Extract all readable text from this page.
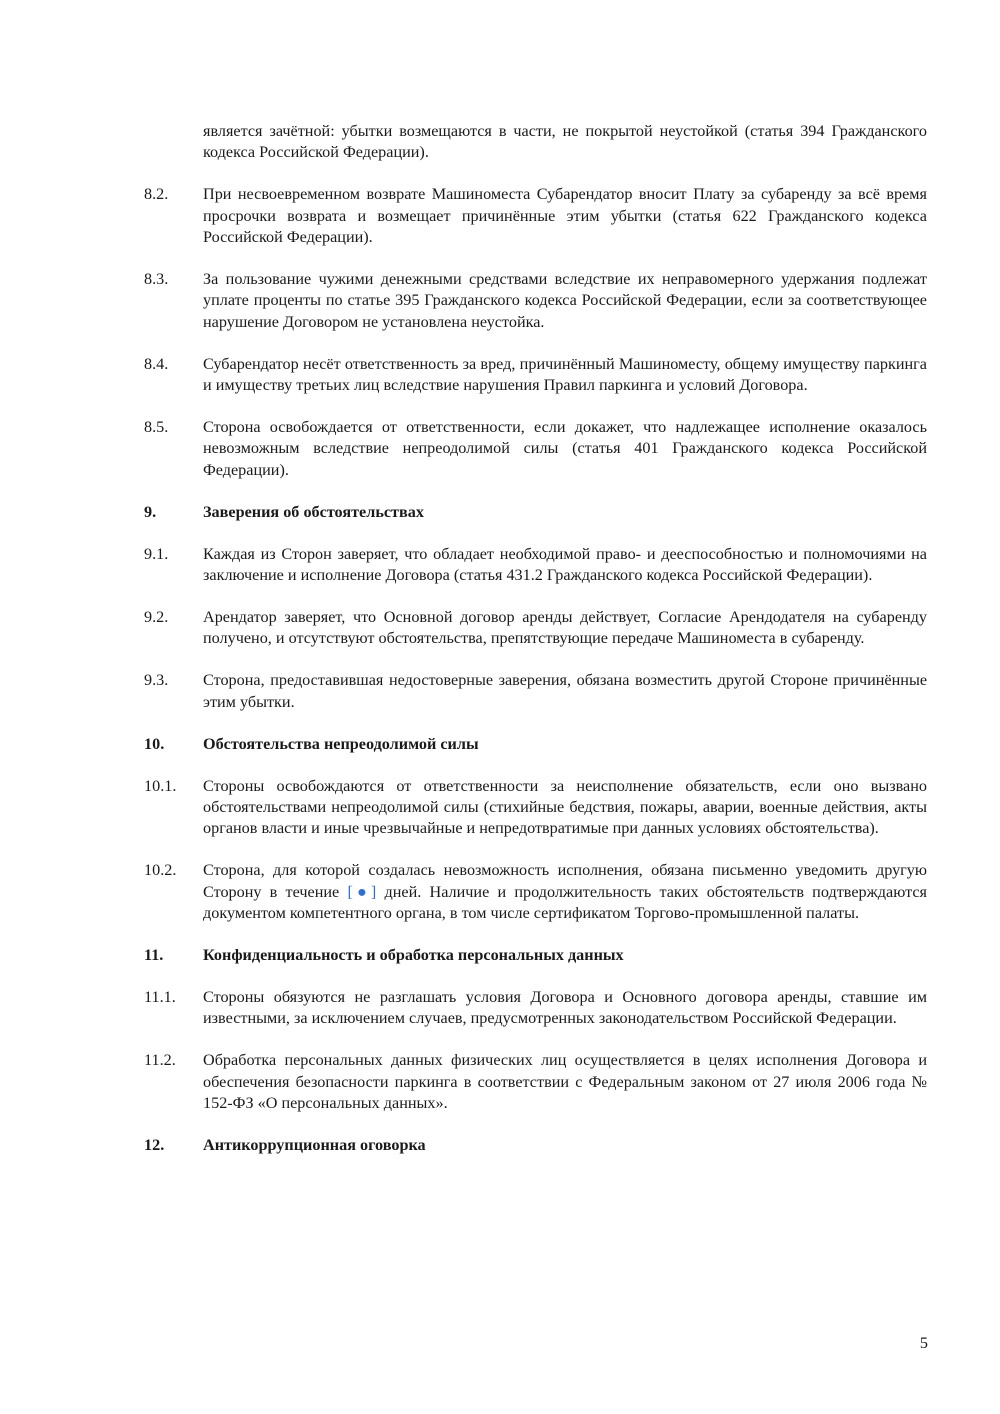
является зачётной: убытки возмещаются в части, не покрытой неустойкой (статья 394 Гражданского кодекса Российской Федерации).
8.2. При несвоевременном возврате Машиноместа Субарендатор вносит Плату за субаренду за всё время просрочки возврата и возмещает причинённые этим убытки (статья 622 Гражданского кодекса Российской Федерации).
8.3. За пользование чужими денежными средствами вследствие их неправомерного удержания подлежат уплате проценты по статье 395 Гражданского кодекса Российской Федерации, если за соответствующее нарушение Договором не установлена неустойка.
8.4. Субарендатор несёт ответственность за вред, причинённый Машиноместу, общему имуществу паркинга и имуществу третьих лиц вследствие нарушения Правил паркинга и условий Договора.
8.5. Сторона освобождается от ответственности, если докажет, что надлежащее исполнение оказалось невозможным вследствие непреодолимой силы (статья 401 Гражданского кодекса Российской Федерации).
9.	Заверения об обстоятельствах
9.1. Каждая из Сторон заверяет, что обладает необходимой право- и дееспособностью и полномочиями на заключение и исполнение Договора (статья 431.2 Гражданского кодекса Российской Федерации).
9.2. Арендатор заверяет, что Основной договор аренды действует, Согласие Арендодателя на субаренду получено, и отсутствуют обстоятельства, препятствующие передаче Машиноместа в субаренду.
9.3. Сторона, предоставившая недостоверные заверения, обязана возместить другой Стороне причинённые этим убытки.
10. Обстоятельства непреодолимой силы
10.1. Стороны освобождаются от ответственности за неисполнение обязательств, если оно вызвано обстоятельствами непреодолимой силы (стихийные бедствия, пожары, аварии, военные действия, акты органов власти и иные чрезвычайные и непредотвратимые при данных условиях обстоятельства).
10.2. Сторона, для которой создалась невозможность исполнения, обязана письменно уведомить другую Сторону в течение [●] дней. Наличие и продолжительность таких обстоятельств подтверждаются документом компетентного органа, в том числе сертификатом Торгово-промышленной палаты.
11. Конфиденциальность и обработка персональных данных
11.1. Стороны обязуются не разглашать условия Договора и Основного договора аренды, ставшие им известными, за исключением случаев, предусмотренных законодательством Российской Федерации.
11.2. Обработка персональных данных физических лиц осуществляется в целях исполнения Договора и обеспечения безопасности паркинга в соответствии с Федеральным законом от 27 июля 2006 года № 152-ФЗ «О персональных данных».
12. Антикоррупционная оговорка
5
